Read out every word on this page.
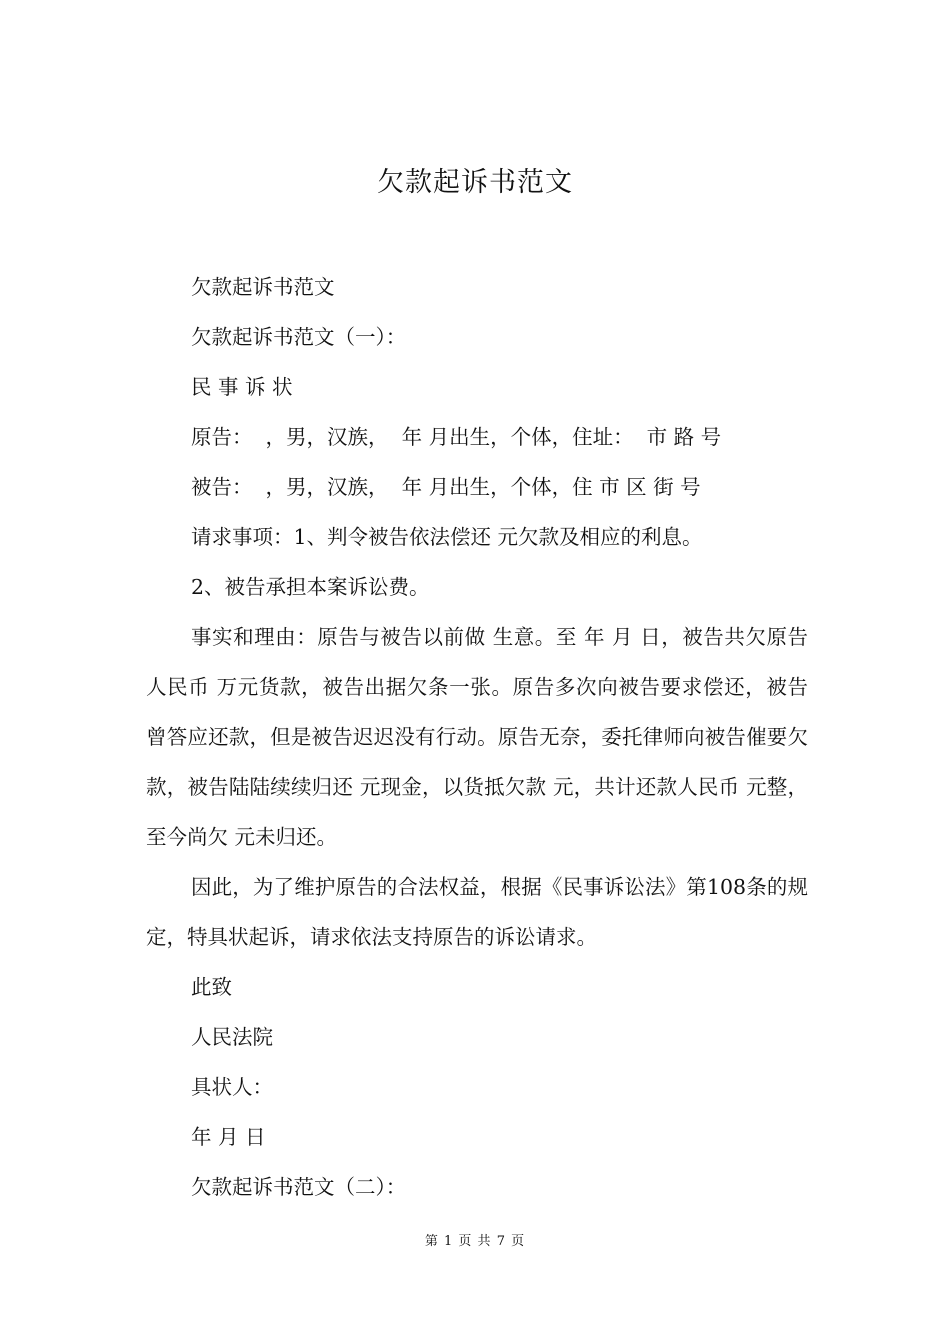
欠款起诉书范文

欠款起诉书范文

欠款起诉书范文（一）：

民 事 诉 状

原告：  ，男，汉族，  年 月出生，个体，住址：  市 路 号

被告：  ，男，汉族，  年 月出生，个体，住 市 区 街 号

请求事项：1、判令被告依法偿还 元欠款及相应的利息。

2、被告承担本案诉讼费。

事实和理由：原告与被告以前做 生意。至 年 月 日，被告共欠原告人民币 万元货款，被告出据欠条一张。原告多次向被告要求偿还，被告曾答应还款，但是被告迟迟没有行动。原告无奈，委托律师向被告催要欠款，被告陆陆续续归还 元现金，以货抵欠款 元，共计还款人民币 元整，至今尚欠 元未归还。

因此，为了维护原告的合法权益，根据《民事诉讼法》第108条的规定，特具状起诉，请求依法支持原告的诉讼请求。

此致

人民法院

具状人：

年 月 日

欠款起诉书范文（二）：

第 1 页 共 7 页
